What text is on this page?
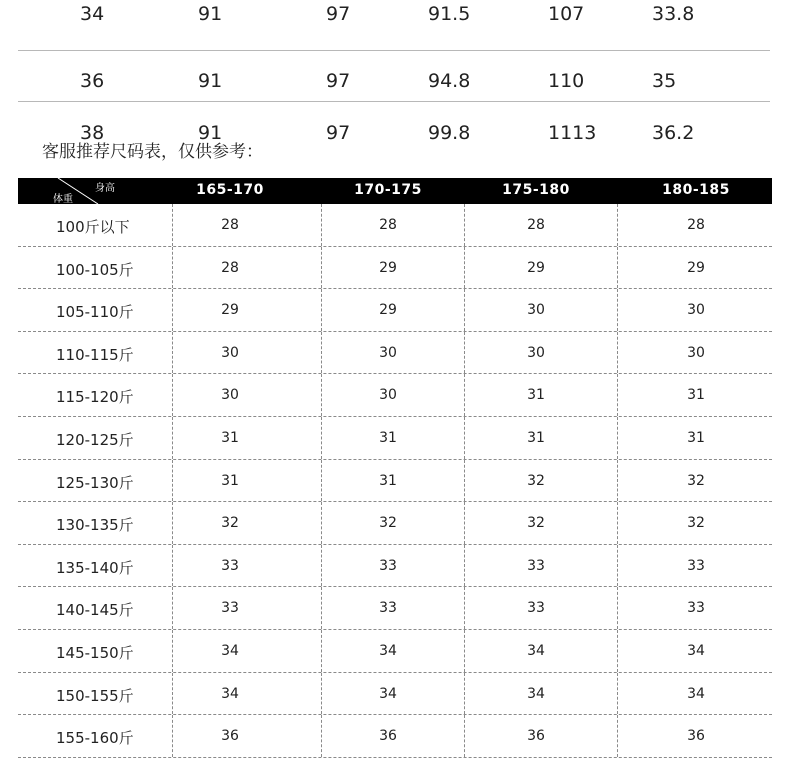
34	91	97	91.5	107	33.8
36	91	97	94.8	110	35
38	91	97	99.8	1113	36.2
客服推荐尺码表，仅供参考：
身高
体重
165-170	170-175	175-180	180-185
100斤以下	28	28	28	28
100-105斤	28	29	29	29
105-110斤	29	29	30	30
110-115斤	30	30	30	30
115-120斤	30	30	31	31
120-125斤	31	31	31	31
125-130斤	31	31	32	32
130-135斤	32	32	32	32
135-140斤	33	33	33	33
140-145斤	33	33	33	33
145-150斤	34	34	34	34
150-155斤	34	34	34	34
155-160斤	36	36	36	36
